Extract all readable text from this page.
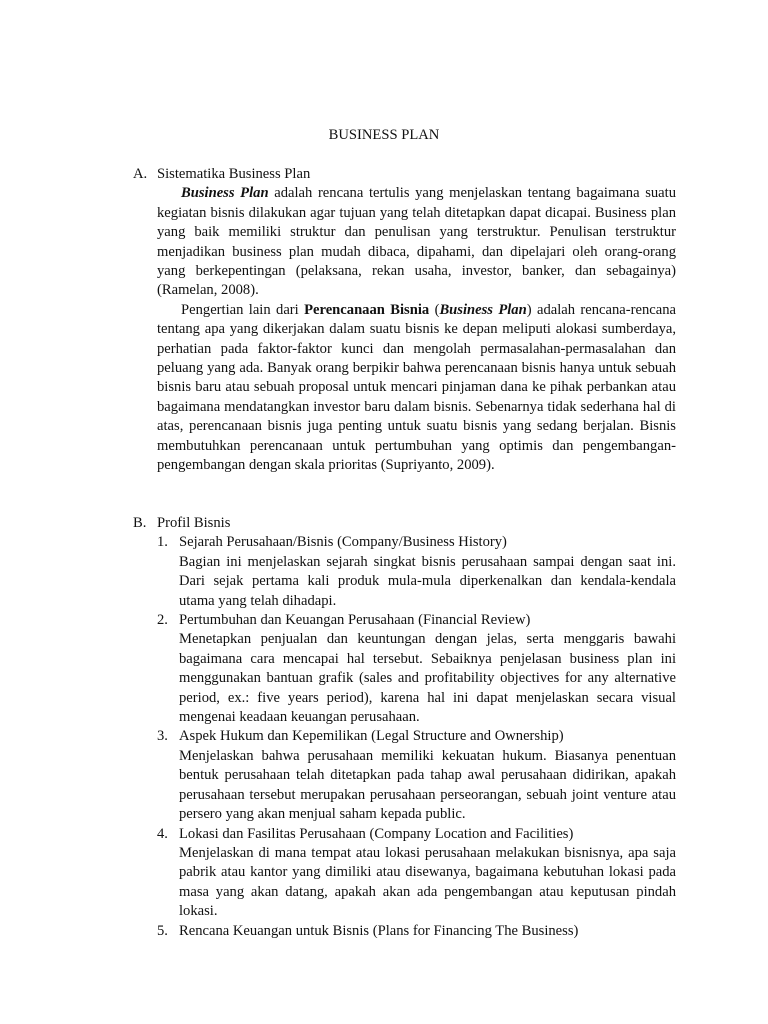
BUSINESS PLAN
A. Sistematika Business Plan

Business Plan adalah rencana tertulis yang menjelaskan tentang bagaimana suatu kegiatan bisnis dilakukan agar tujuan yang telah ditetapkan dapat dicapai. Business plan yang baik memiliki struktur dan penulisan yang terstruktur. Penulisan terstruktur menjadikan business plan mudah dibaca, dipahami, dan dipelajari oleh orang-orang yang berkepentingan (pelaksana, rekan usaha, investor, banker, dan sebagainya) (Ramelan, 2008).

Pengertian lain dari Perencanaan Bisnia (Business Plan) adalah rencana-rencana tentang apa yang dikerjakan dalam suatu bisnis ke depan meliputi alokasi sumberdaya, perhatian pada faktor-faktor kunci dan mengolah permasalahan-permasalahan dan peluang yang ada. Banyak orang berpikir bahwa perencanaan bisnis hanya untuk sebuah bisnis baru atau sebuah proposal untuk mencari pinjaman dana ke pihak perbankan atau bagaimana mendatangkan investor baru dalam bisnis. Sebenarnya tidak sederhana hal di atas, perencanaan bisnis juga penting untuk suatu bisnis yang sedang berjalan. Bisnis membutuhkan perencanaan untuk pertumbuhan yang optimis dan pengembangan-pengembangan dengan skala prioritas (Supriyanto, 2009).

B. Profil Bisnis
1. Sejarah Perusahaan/Bisnis (Company/Business History)

Bagian ini menjelaskan sejarah singkat bisnis perusahaan sampai dengan saat ini. Dari sejak pertama kali produk mula-mula diperkenalkan dan kendala-kendala utama yang telah dihadapi.

2. Pertumbuhan dan Keuangan Perusahaan (Financial Review)

Menetapkan penjualan dan keuntungan dengan jelas, serta menggaris bawahi bagaimana cara mencapai hal tersebut. Sebaiknya penjelasan business plan ini menggunakan bantuan grafik (sales and profitability objectives for any alternative period, ex.: five years period), karena hal ini dapat menjelaskan secara visual mengenai keadaan keuangan perusahaan.

3. Aspek Hukum dan Kepemilikan (Legal Structure and Ownership)

Menjelaskan bahwa perusahaan memiliki kekuatan hukum. Biasanya penentuan bentuk perusahaan telah ditetapkan pada tahap awal perusahaan didirikan, apakah perusahaan tersebut merupakan perusahaan perseorangan, sebuah joint venture atau persero yang akan menjual saham kepada public.

4. Lokasi dan Fasilitas Perusahaan (Company Location and Facilities)

Menjelaskan di mana tempat atau lokasi perusahaan melakukan bisnisnya, apa saja pabrik atau kantor yang dimiliki atau disewanya, bagaimana kebutuhan lokasi pada masa yang akan datang, apakah akan ada pengembangan atau keputusan pindah lokasi.

5. Rencana Keuangan untuk Bisnis (Plans for Financing The Business)
